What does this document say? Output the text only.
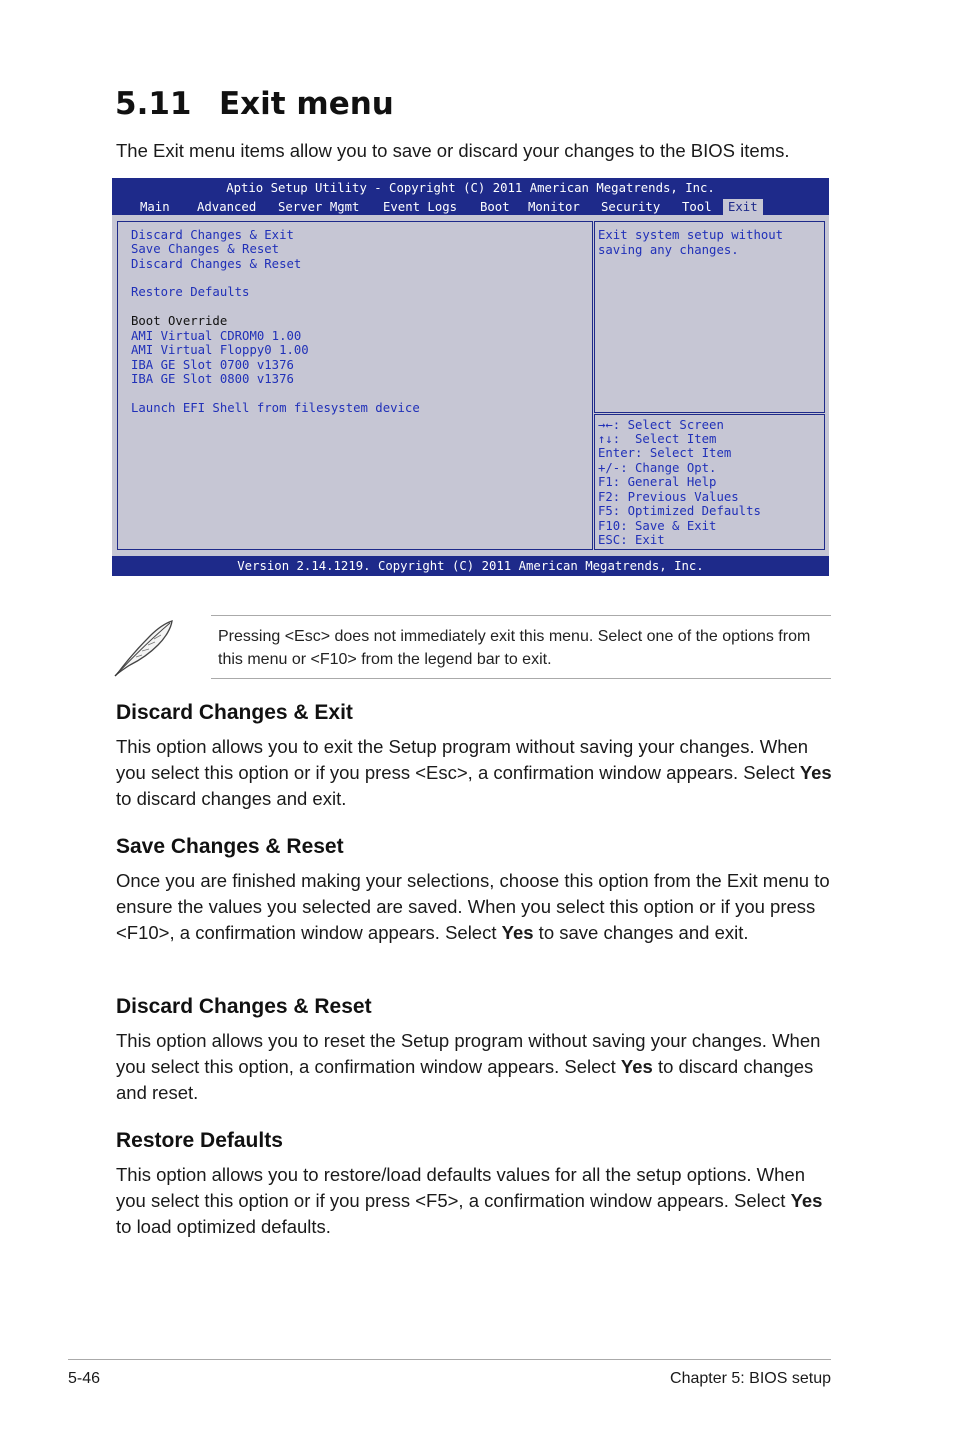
5.11 Exit menu
The Exit menu items allow you to save or discard your changes to the BIOS items.
Aptio Setup Utility - Copyright (C) 2011 American Megatrends, Inc.
Main Advanced Server Mgmt Event Logs Boot Monitor Security Tool	Exit
Discard Changes & Exit
Save Changes & Reset
Discard Changes & Reset
Restore Defaults
Boot Override
AMI Virtual CDROM0 1.00
AMI Virtual Floppy0 1.00
IBA GE Slot 0700 v1376
IBA GE Slot 0800 v1376
Launch EFI Shell from filesystem device
Exit system setup without
saving any changes.
→←: Select Screen
↑↓:  Select Item
Enter: Select Item
+/-: Change Opt.
F1: General Help
F2: Previous Values
F5: Optimized Defaults
F10: Save & Exit
ESC: Exit
Version 2.14.1219. Copyright (C) 2011 American Megatrends, Inc.
Pressing <Esc> does not immediately exit this menu. Select one of the options from this menu or <F10> from the legend bar to exit.
Discard Changes & Exit

This option allows you to exit the Setup program without saving your changes. When you select this option or if you press <Esc>, a confirmation window appears. Select Yes to discard changes and exit.

Save Changes & Reset

Once you are finished making your selections, choose this option from the Exit menu to ensure the values you selected are saved. When you select this option or if you press <F10>, a confirmation window appears. Select Yes to save changes and exit.

Discard Changes & Reset

This option allows you to reset the Setup program without saving your changes. When you select this option, a confirmation window appears. Select Yes to discard changes and reset.

Restore Defaults

This option allows you to restore/load defaults values for all the setup options. When you select this option or if you press <F5>, a confirmation window appears. Select Yes to load optimized defaults.

5-46	Chapter 5: BIOS setup
